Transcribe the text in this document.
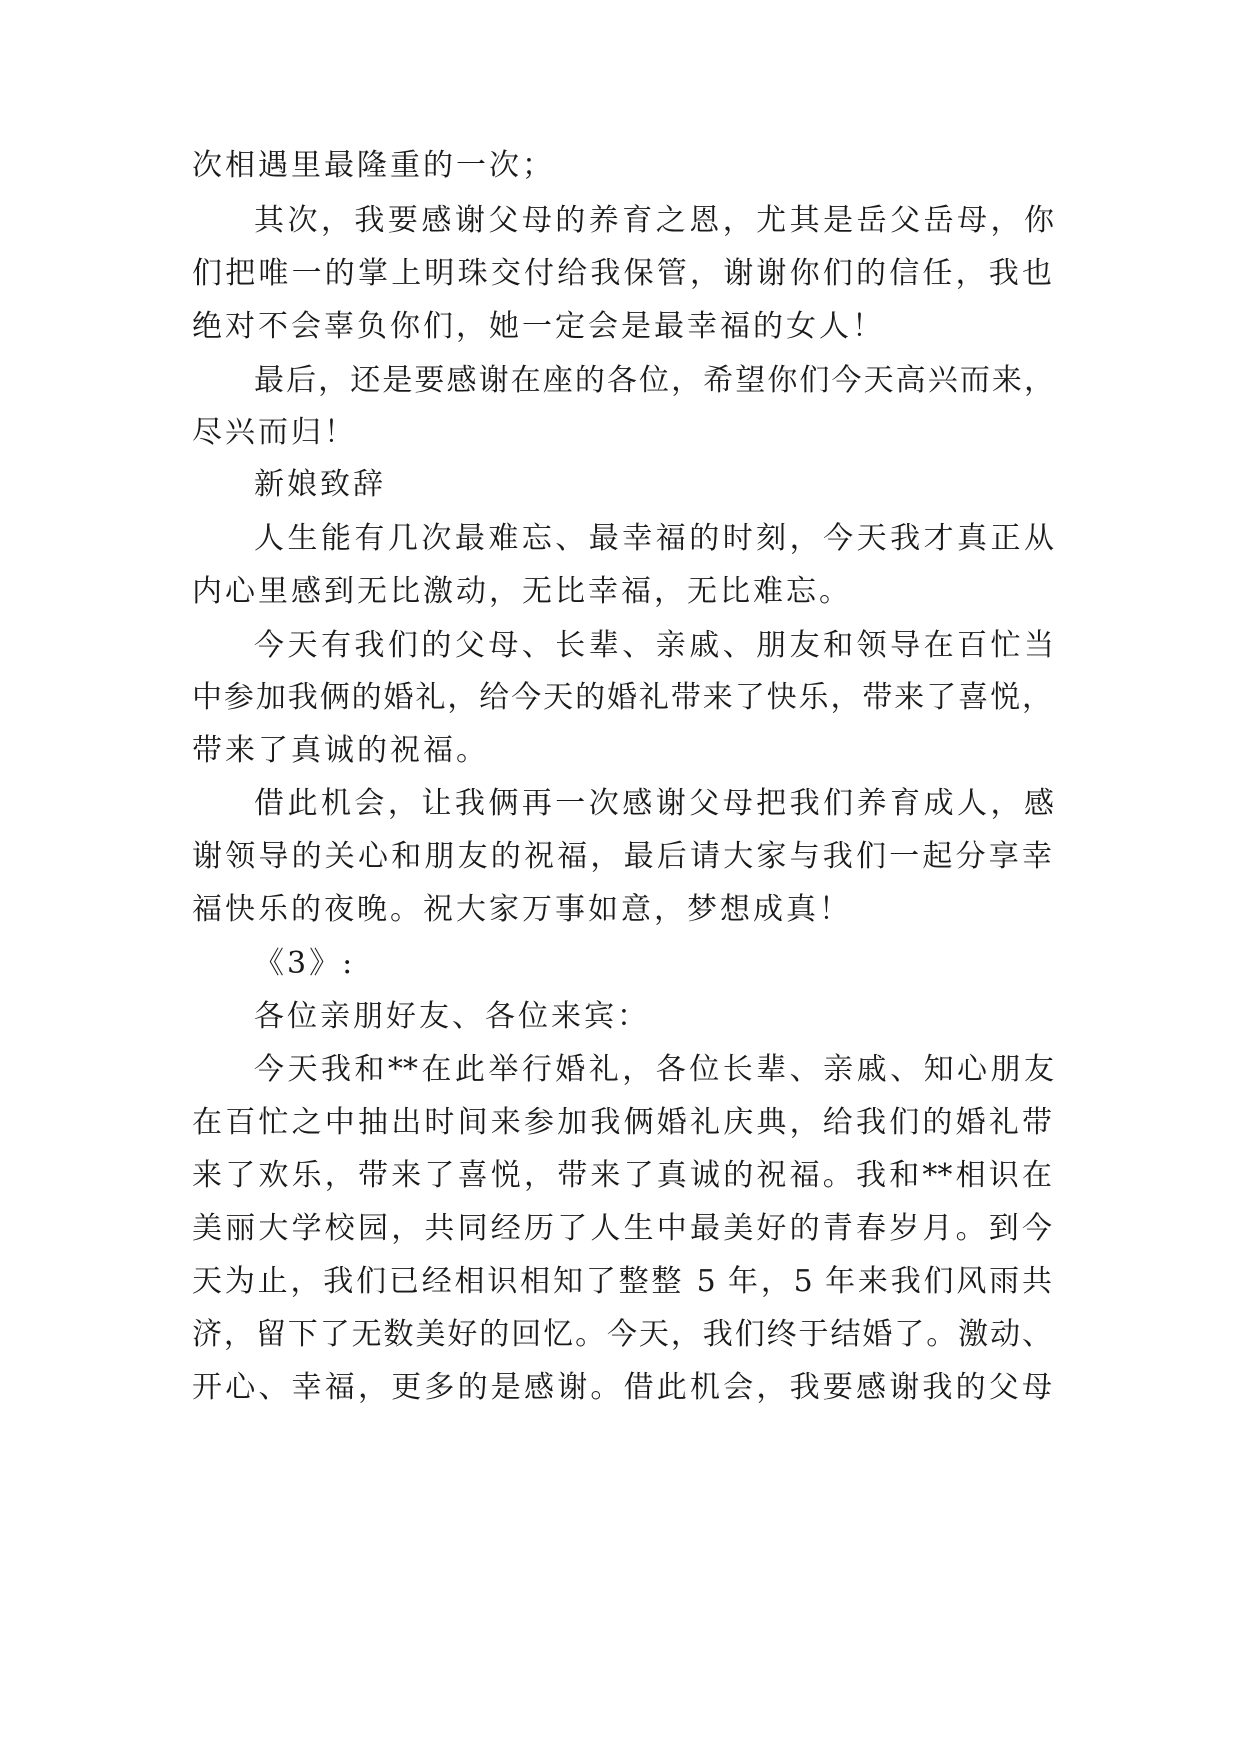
次相遇里最隆重的一次；
其次，我要感谢父母的养育之恩，尤其是岳父岳母，你
们把唯一的掌上明珠交付给我保管，谢谢你们的信任，我也
绝对不会辜负你们，她一定会是最幸福的女人！
最后，还是要感谢在座的各位，希望你们今天高兴而来，
尽兴而归！
新娘致辞
人生能有几次最难忘、最幸福的时刻，今天我才真正从
内心里感到无比激动，无比幸福，无比难忘。
今天有我们的父母、长辈、亲戚、朋友和领导在百忙当
中参加我俩的婚礼，给今天的婚礼带来了快乐，带来了喜悦，
带来了真诚的祝福。
借此机会，让我俩再一次感谢父母把我们养育成人，感
谢领导的关心和朋友的祝福，最后请大家与我们一起分享幸
福快乐的夜晚。祝大家万事如意，梦想成真！
《3》:
各位亲朋好友、各位来宾：
今天我和**在此举行婚礼，各位长辈、亲戚、知心朋友
在百忙之中抽出时间来参加我俩婚礼庆典，给我们的婚礼带
来了欢乐，带来了喜悦，带来了真诚的祝福。我和**相识在
美丽大学校园，共同经历了人生中最美好的青春岁月。到今
天为止，我们已经相识相知了整整 5 年，5 年来我们风雨共
济，留下了无数美好的回忆。今天，我们终于结婚了。激动、
开心、幸福，更多的是感谢。借此机会，我要感谢我的父母
